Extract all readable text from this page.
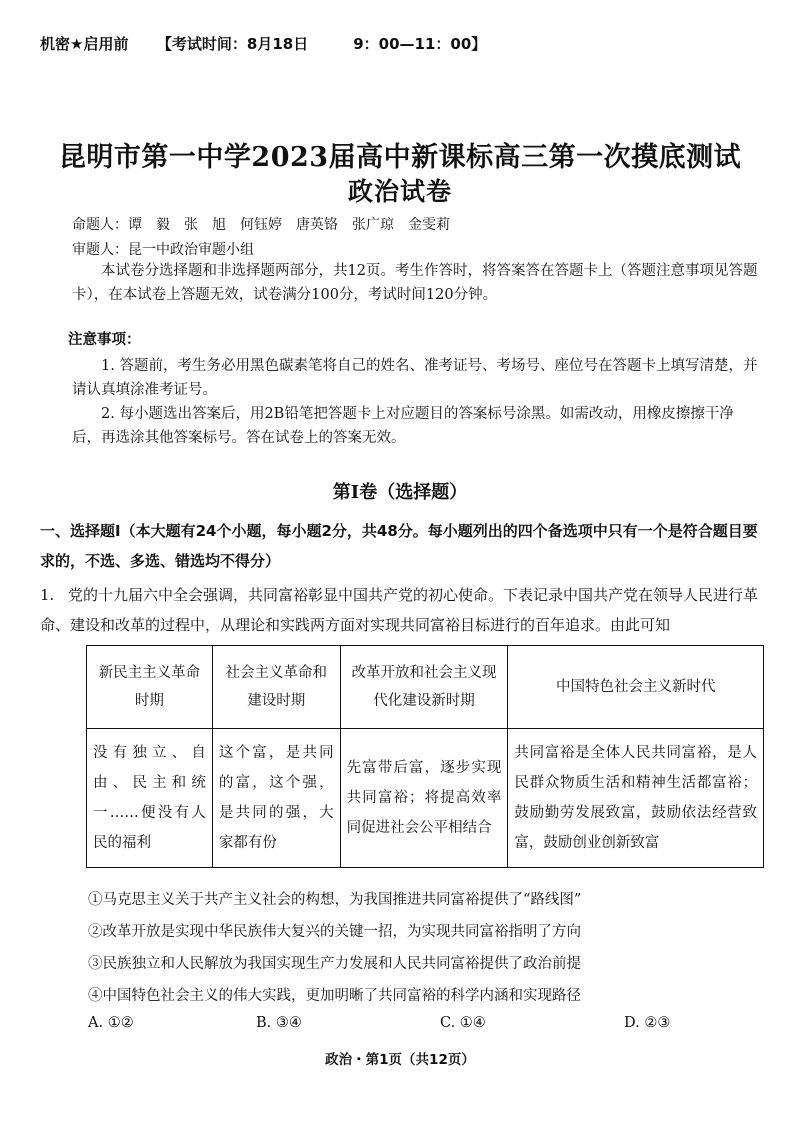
机密★启用前 【考试时间：8月18日　　　9：00—11：00】
昆明市第一中学2023届高中新课标高三第一次摸底测试
政治试卷
命题人：谭　毅　张　旭　何钰婷　唐英铬　张广琼　金雯莉
审题人：昆一中政治审题小组
本试卷分选择题和非选择题两部分，共12页。考生作答时，将答案答在答题卡上（答题注意事项见答题卡），在本试卷上答题无效，试卷满分100分，考试时间120分钟。
注意事项：
1. 答题前，考生务必用黑色碳素笔将自己的姓名、准考证号、考场号、座位号在答题卡上填写清楚，并请认真填涂准考证号。
2. 每小题选出答案后，用2B铅笔把答题卡上对应题目的答案标号涂黑。如需改动，用橡皮擦擦干净后，再选涂其他答案标号。答在试卷上的答案无效。
第Ⅰ卷（选择题）
一、选择题Ⅰ（本大题有24个小题，每小题2分，共48分。每小题列出的四个备选项中只有一个是符合题目要求的，不选、多选、错选均不得分）
1. 党的十九届六中全会强调，共同富裕彰显中国共产党的初心使命。下表记录中国共产党在领导人民进行革命、建设和改革的过程中，从理论和实践两方面对实现共同富裕目标进行的百年追求。由此可知
新民主主义革命时期	社会主义革命和建设时期	改革开放和社会主义现代化建设新时期	中国特色社会主义新时代
没有独立、自由、民主和统一……便没有人民的福利	这个富，是共同的富，这个强，是共同的强，大家都有份	先富带后富，逐步实现共同富裕；将提高效率同促进社会公平相结合	共同富裕是全体人民共同富裕，是人民群众物质生活和精神生活都富裕；鼓励勤劳发展致富，鼓励依法经营致富，鼓励创业创新致富
①马克思主义关于共产主义社会的构想，为我国推进共同富裕提供了“路线图”
②改革开放是实现中华民族伟大复兴的关键一招，为实现共同富裕指明了方向
③民族独立和人民解放为我国实现生产力发展和人民共同富裕提供了政治前提
④中国特色社会主义的伟大实践，更加明晰了共同富裕的科学内涵和实现路径
A. ①②	B. ③④	C. ①④	D. ②③
政治・第1页（共12页）
